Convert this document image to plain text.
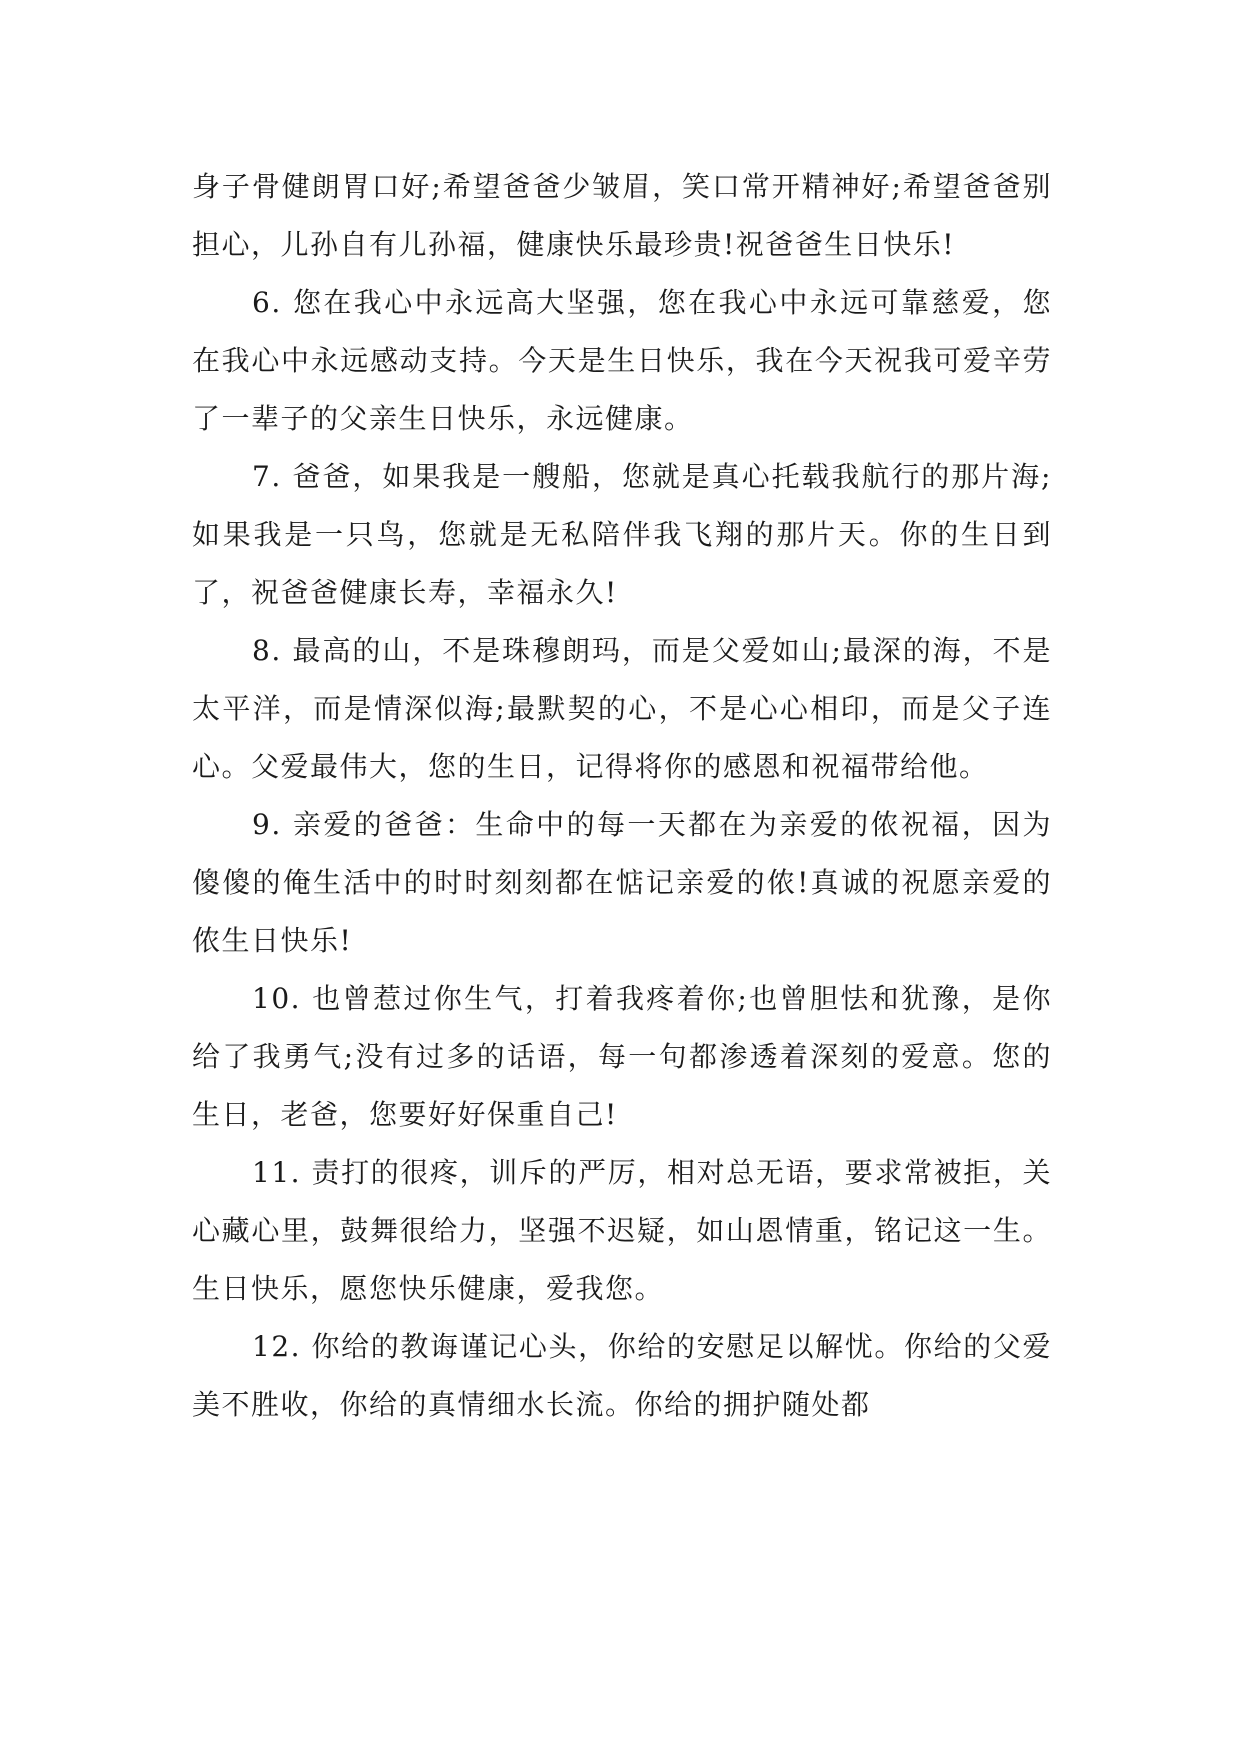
身子骨健朗胃口好;希望爸爸少皱眉，笑口常开精神好;希望爸爸别担心，儿孙自有儿孙福，健康快乐最珍贵!祝爸爸生日快乐!

6. 您在我心中永远高大坚强，您在我心中永远可靠慈爱，您在我心中永远感动支持。今天是生日快乐，我在今天祝我可爱辛劳了一辈子的父亲生日快乐，永远健康。

7. 爸爸，如果我是一艘船，您就是真心托载我航行的那片海;如果我是一只鸟，您就是无私陪伴我飞翔的那片天。你的生日到了，祝爸爸健康长寿，幸福永久!

8. 最高的山，不是珠穆朗玛，而是父爱如山;最深的海，不是太平洋，而是情深似海;最默契的心，不是心心相印，而是父子连心。父爱最伟大，您的生日，记得将你的感恩和祝福带给他。

9. 亲爱的爸爸：生命中的每一天都在为亲爱的侬祝福，因为傻傻的俺生活中的时时刻刻都在惦记亲爱的侬!真诚的祝愿亲爱的侬生日快乐!

10. 也曾惹过你生气，打着我疼着你;也曾胆怯和犹豫，是你给了我勇气;没有过多的话语，每一句都渗透着深刻的爱意。您的生日，老爸，您要好好保重自己!

11. 责打的很疼，训斥的严厉，相对总无语，要求常被拒，关心藏心里，鼓舞很给力，坚强不迟疑，如山恩情重，铭记这一生。生日快乐，愿您快乐健康，爱我您。

12. 你给的教诲谨记心头，你给的安慰足以解忧。你给的父爱美不胜收，你给的真情细水长流。你给的拥护随处都
